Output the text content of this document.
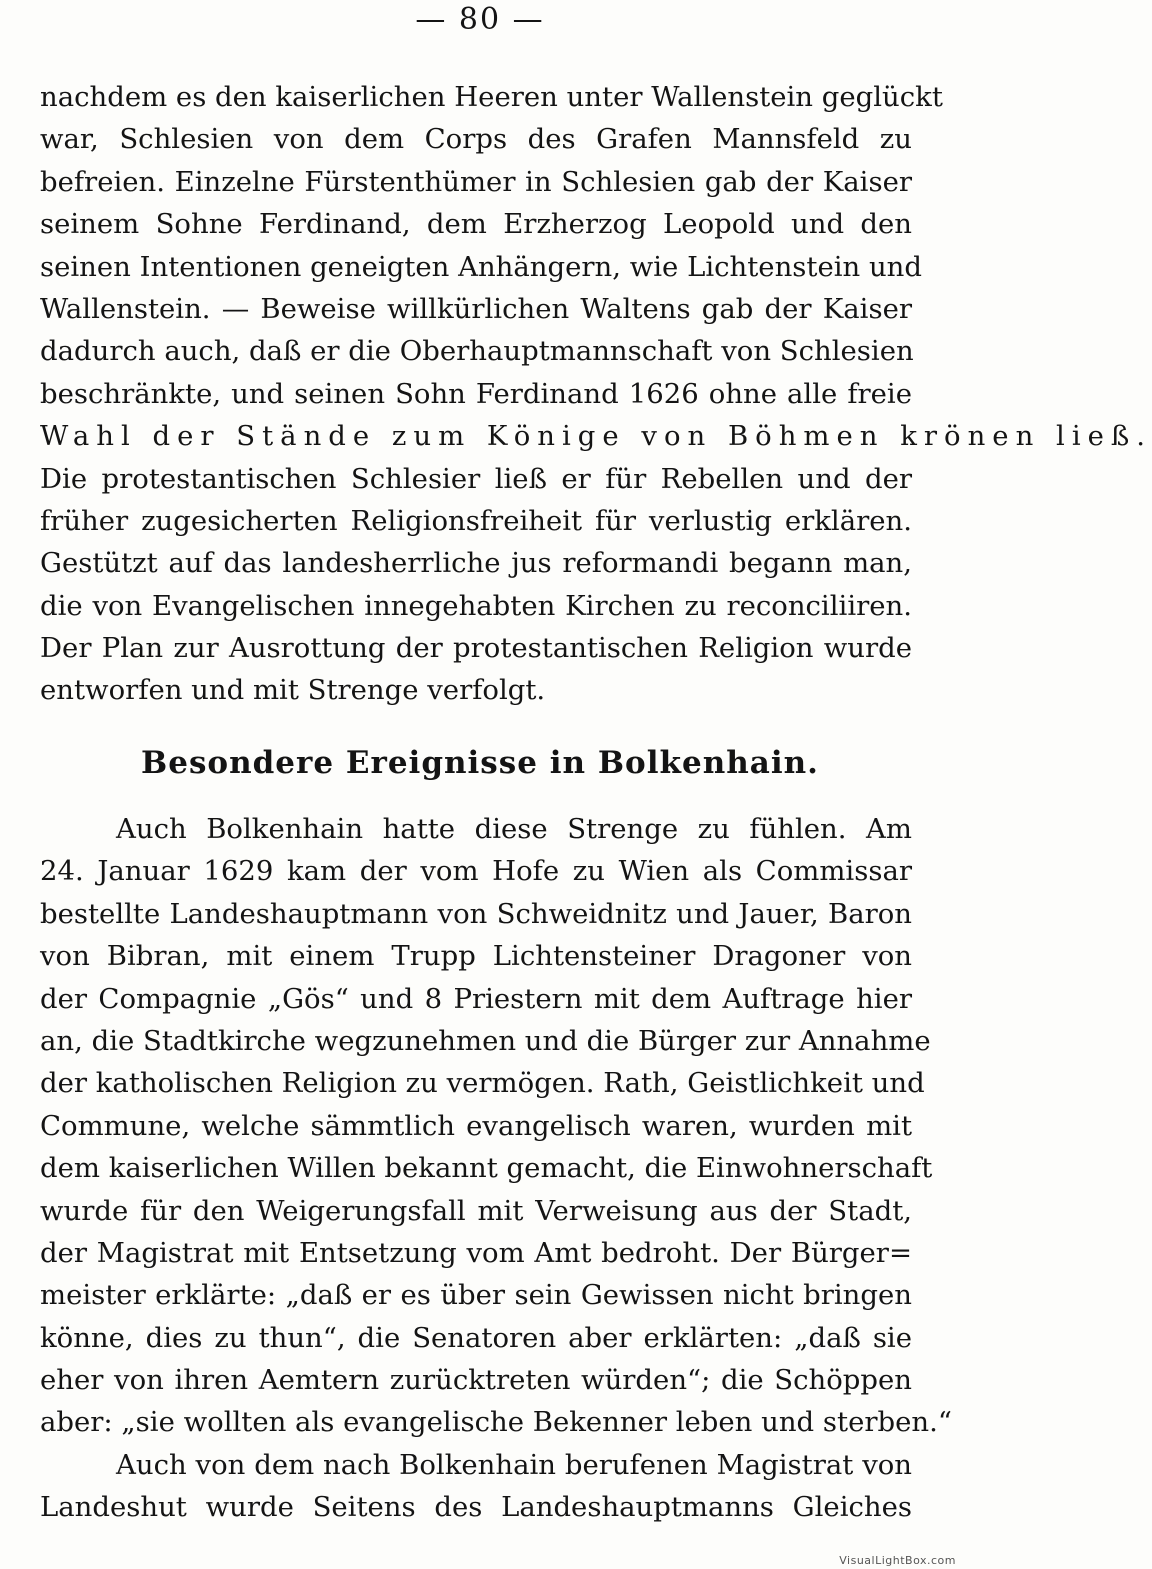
— 80 —
nachdem es den kaiserlichen Heeren unter Wallenstein geglückt
war, Schlesien von dem Corps des Grafen Mannsfeld zu
befreien. Einzelne Fürstenthümer in Schlesien gab der Kaiser
seinem Sohne Ferdinand, dem Erzherzog Leopold und den
seinen Intentionen geneigten Anhängern, wie Lichtenstein und
Wallenstein. — Beweise willkürlichen Waltens gab der Kaiser
dadurch auch, daß er die Oberhauptmannschaft von Schlesien
beschränkte, und seinen Sohn Ferdinand 1626 ohne alle freie
Wahl der Stände zum Könige von Böhmen krönen ließ.
Die protestantischen Schlesier ließ er für Rebellen und der
früher zugesicherten Religionsfreiheit für verlustig erklären.
Gestützt auf das landesherrliche jus reformandi begann man,
die von Evangelischen innegehabten Kirchen zu reconciliiren.
Der Plan zur Ausrottung der protestantischen Religion wurde
entworfen und mit Strenge verfolgt.
Besondere Ereignisse in Bolkenhain.
Auch Bolkenhain hatte diese Strenge zu fühlen. Am
24. Januar 1629 kam der vom Hofe zu Wien als Commissar
bestellte Landeshauptmann von Schweidnitz und Jauer, Baron
von Bibran, mit einem Trupp Lichtensteiner Dragoner von
der Compagnie „Gös“ und 8 Priestern mit dem Auftrage hier
an, die Stadtkirche wegzunehmen und die Bürger zur Annahme
der katholischen Religion zu vermögen. Rath, Geistlichkeit und
Commune, welche sämmtlich evangelisch waren, wurden mit
dem kaiserlichen Willen bekannt gemacht, die Einwohnerschaft
wurde für den Weigerungsfall mit Verweisung aus der Stadt,
der Magistrat mit Entsetzung vom Amt bedroht. Der Bürger=
meister erklärte: „daß er es über sein Gewissen nicht bringen
könne, dies zu thun“, die Senatoren aber erklärten: „daß sie
eher von ihren Aemtern zurücktreten würden“; die Schöppen
aber: „sie wollten als evangelische Bekenner leben und sterben.“
Auch von dem nach Bolkenhain berufenen Magistrat von
Landeshut wurde Seitens des Landeshauptmanns Gleiches
VisualLightBox.com
